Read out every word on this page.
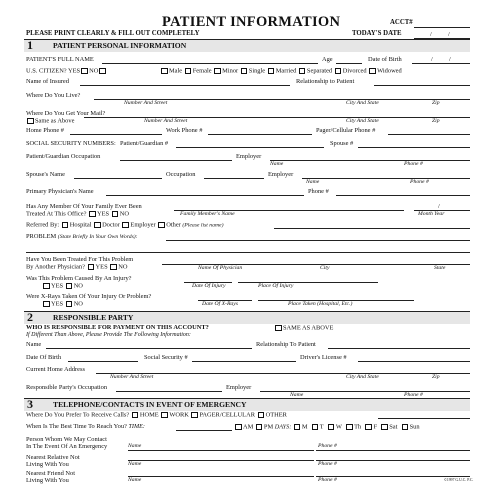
PATIENT INFORMATION	ACCT#
PLEASE PRINT CLEARLY & FILL OUT COMPLETELY	TODAY'S DATE	/	/
1	PATIENT PERSONAL INFORMATION
PATIENT'S FULL NAME	Age	Date of Birth	/	/
U.S. CITIZEN? YES NO	Male Female Minor Single Married Separated Divorced Widowed
Name of Insured	Relationship to Patient
Where Do You Live?
Number And Street	City And State	Zip
Where Do You Get Your Mail?
Same as Above	Number And Street	City And State	Zip
Home Phone #	Work Phone #	Pager/Cellular Phone #
SOCIAL SECURITY NUMBERS: Patient/Guardian #	Spouse #
Patient/Guardian Occupation	Employer
Name	Phone #
Spouse's Name	Occupation	Employer
Name	Phone #
Primary Physician's Name	Phone #
Has Any Member Of Your Family Ever Been
Treated At This Office? YES NO	Family Member's Name
/
Month Year
Referred By: Hospital Doctor Employer Other (Please list name)
PROBLEM (State Briefly In Your Own Words):
Have You Been Treated For This Problem
By Another Physician? YES NO	Name Of Physician	City	State
Was This Problem Caused By An Injury?
YES NO	Date Of Injury	Place Of Injury
Were X-Rays Taken Of Your Injury Or Problem?
YES NO	Date Of X-Rays	Place Taken (Hospital, Etc.)
2	RESPONSIBLE PARTY
WHO IS RESPONSIBLE FOR PAYMENT ON THIS ACCOUNT?	SAME AS ABOVE
If Different Than Above, Please Provide The Following Information:
Name	Relationship To Patient
Date Of Birth	Social Security #	Driver's License #
Current Home Address
Number And Street	City And State	Zip
Responsible Party's Occupation	Employer
Name	Phone #
3	TELEPHONE/CONTACTS IN EVENT OF EMERGENCY
Where Do You Prefer To Receive Calls? HOME WORK PAGER/CELLULAR OTHER
When Is The Best Time To Reach You? TIME:	AM PM DAYS: M T W Th F Sat Sun
Person Whom We May Contact
In The Event Of An Emergency	Name	Phone #
Nearest Relative Not
Living With You	Name	Phone #
Nearest Friend Not
Living With You	Name	Phone #	©1997 G.U.C. P.C.
